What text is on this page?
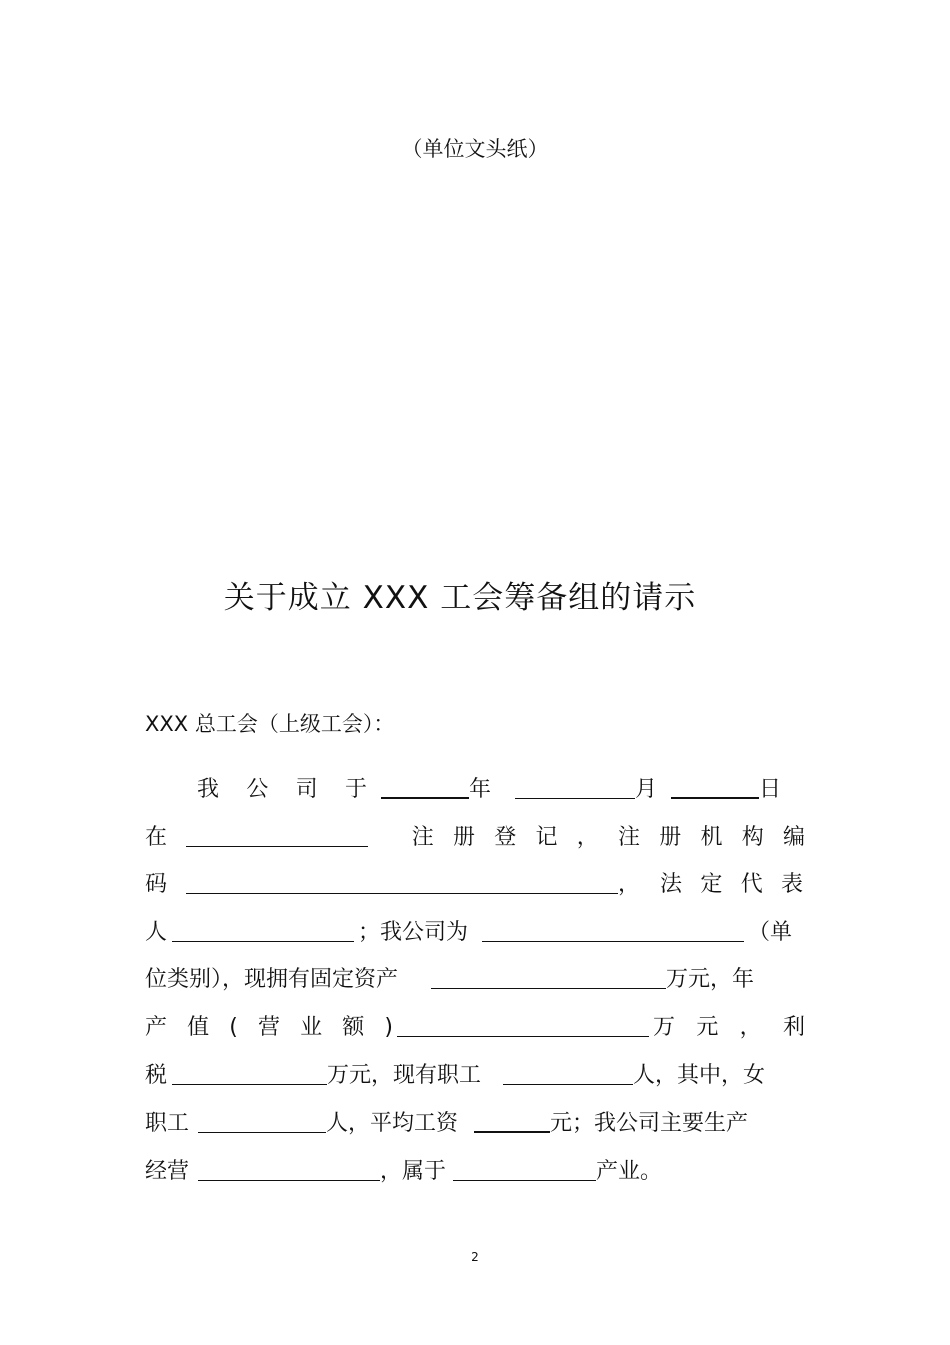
（单位文头纸）
关于成立 XXX 工会筹备组的请示
XXX 总工会（上级工会）：
我 公 司 于	年	月	日
在	注 册 登 记 ， 注 册 机 构 编
码	， 法 定 代 表
人	；我公司为	（单
位类别），现拥有固定资产	万元，年
产 值 ( 营 业 额 )	万 元 ， 利
税	万元，现有职工	人，其中，女
职工	人，平均工资	元；我公司主要生产
经营	，属于	产业。
2
